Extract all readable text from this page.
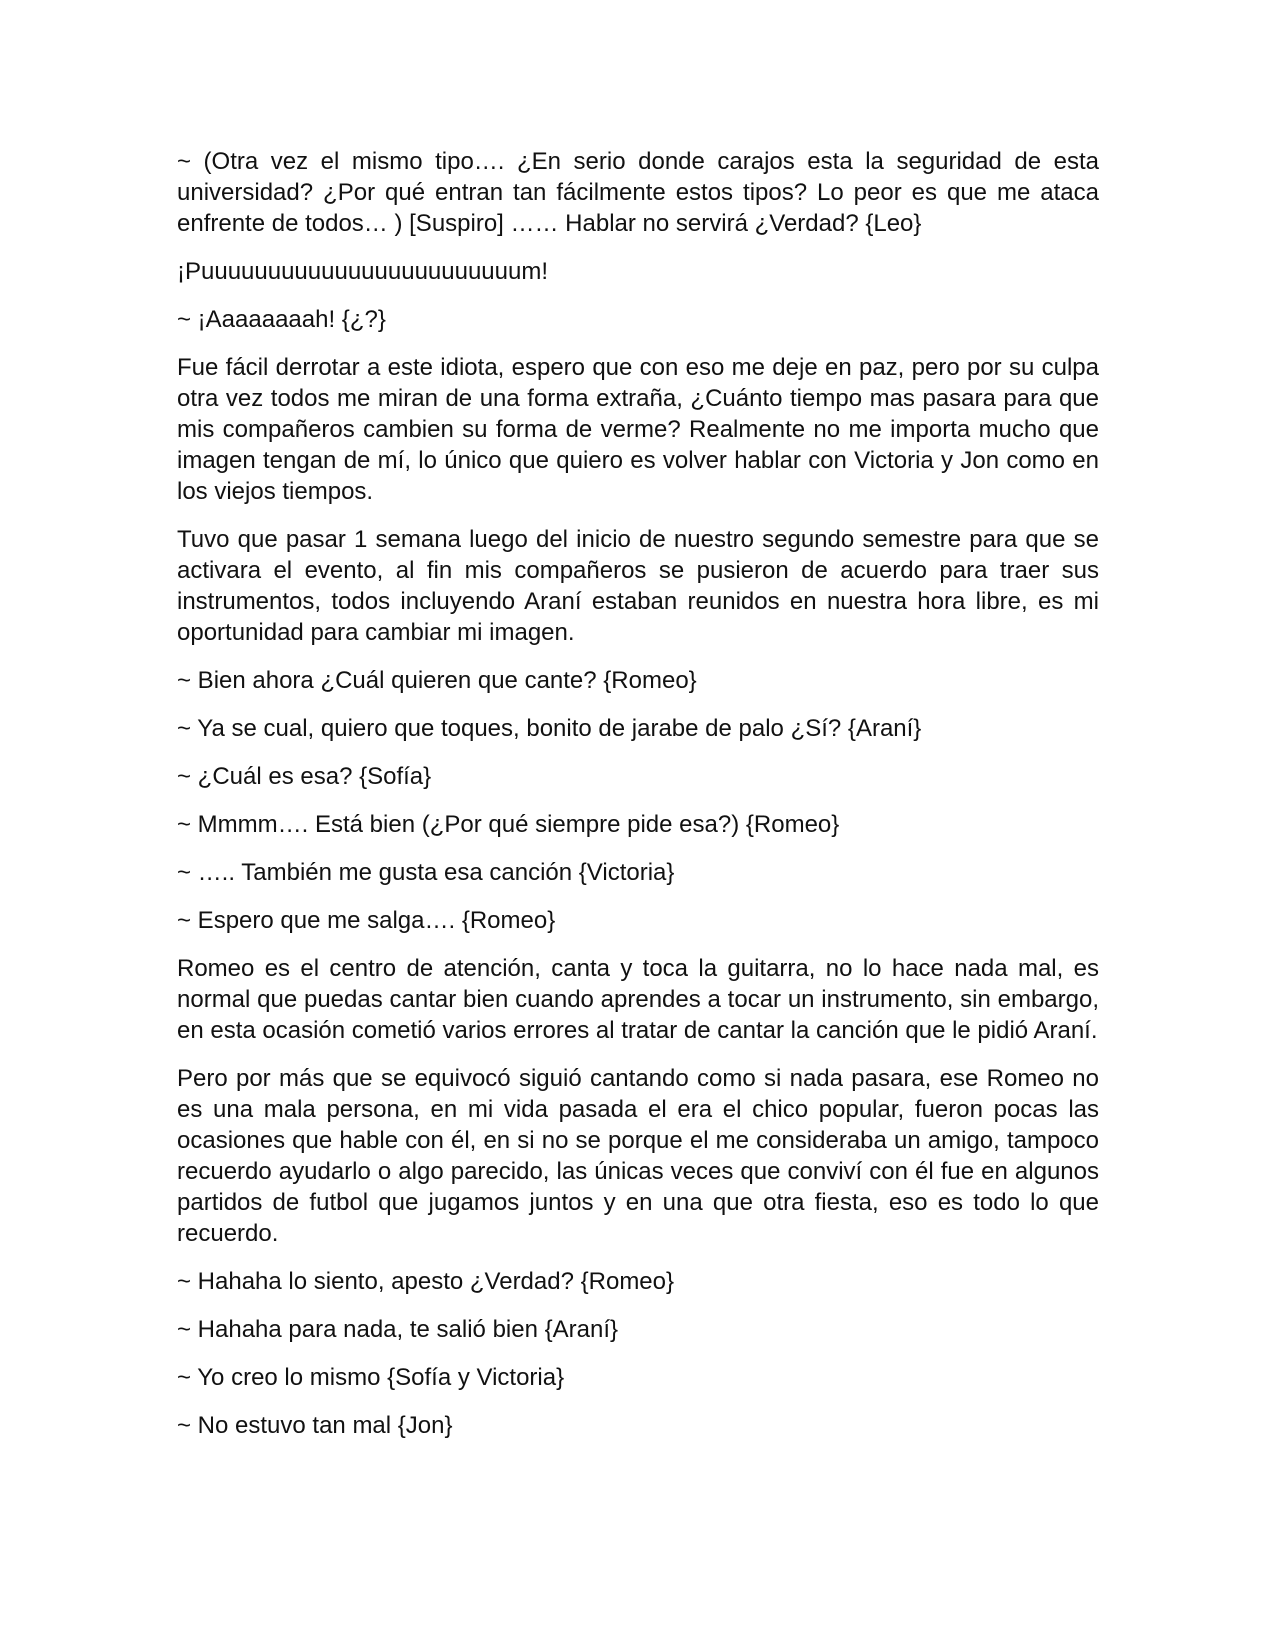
~ (Otra vez el mismo tipo…. ¿En serio donde carajos esta la seguridad de esta universidad? ¿Por qué entran tan fácilmente estos tipos? Lo peor es que me ataca enfrente de todos… ) [Suspiro] …… Hablar no servirá ¿Verdad? {Leo}

¡Puuuuuuuuuuuuuuuuuuuuuuuum!

~ ¡Aaaaaaaah! {¿?}

Fue fácil derrotar a este idiota, espero que con eso me deje en paz, pero por su culpa otra vez todos me miran de una forma extraña, ¿Cuánto tiempo mas pasara para que mis compañeros cambien su forma de verme? Realmente no me importa mucho que imagen tengan de mí, lo único que quiero es volver hablar con Victoria y Jon como en los viejos tiempos.

Tuvo que pasar 1 semana luego del inicio de nuestro segundo semestre para que se activara el evento, al fin mis compañeros se pusieron de acuerdo para traer sus instrumentos, todos incluyendo Araní estaban reunidos en nuestra hora libre, es mi oportunidad para cambiar mi imagen.

~ Bien ahora ¿Cuál quieren que cante? {Romeo}

~ Ya se cual, quiero que toques, bonito de jarabe de palo ¿Sí? {Araní}

~ ¿Cuál es esa? {Sofía}

~ Mmmm…. Está bien (¿Por qué siempre pide esa?) {Romeo}

~ ….. También me gusta esa canción {Victoria}

~ Espero que me salga…. {Romeo}

Romeo es el centro de atención, canta y toca la guitarra, no lo hace nada mal, es normal que puedas cantar bien cuando aprendes a tocar un instrumento, sin embargo, en esta ocasión cometió varios errores al tratar de cantar la canción que le pidió Araní.

Pero por más que se equivocó siguió cantando como si nada pasara, ese Romeo no es una mala persona, en mi vida pasada el era el chico popular, fueron pocas las ocasiones que hable con él, en si no se porque el me consideraba un amigo, tampoco recuerdo ayudarlo o algo parecido, las únicas veces que conviví con él fue en algunos partidos de futbol que jugamos juntos y en una que otra fiesta, eso es todo lo que recuerdo.

~ Hahaha lo siento, apesto ¿Verdad? {Romeo}

~ Hahaha para nada, te salió bien {Araní}

~ Yo creo lo mismo {Sofía y Victoria}

~ No estuvo tan mal {Jon}
